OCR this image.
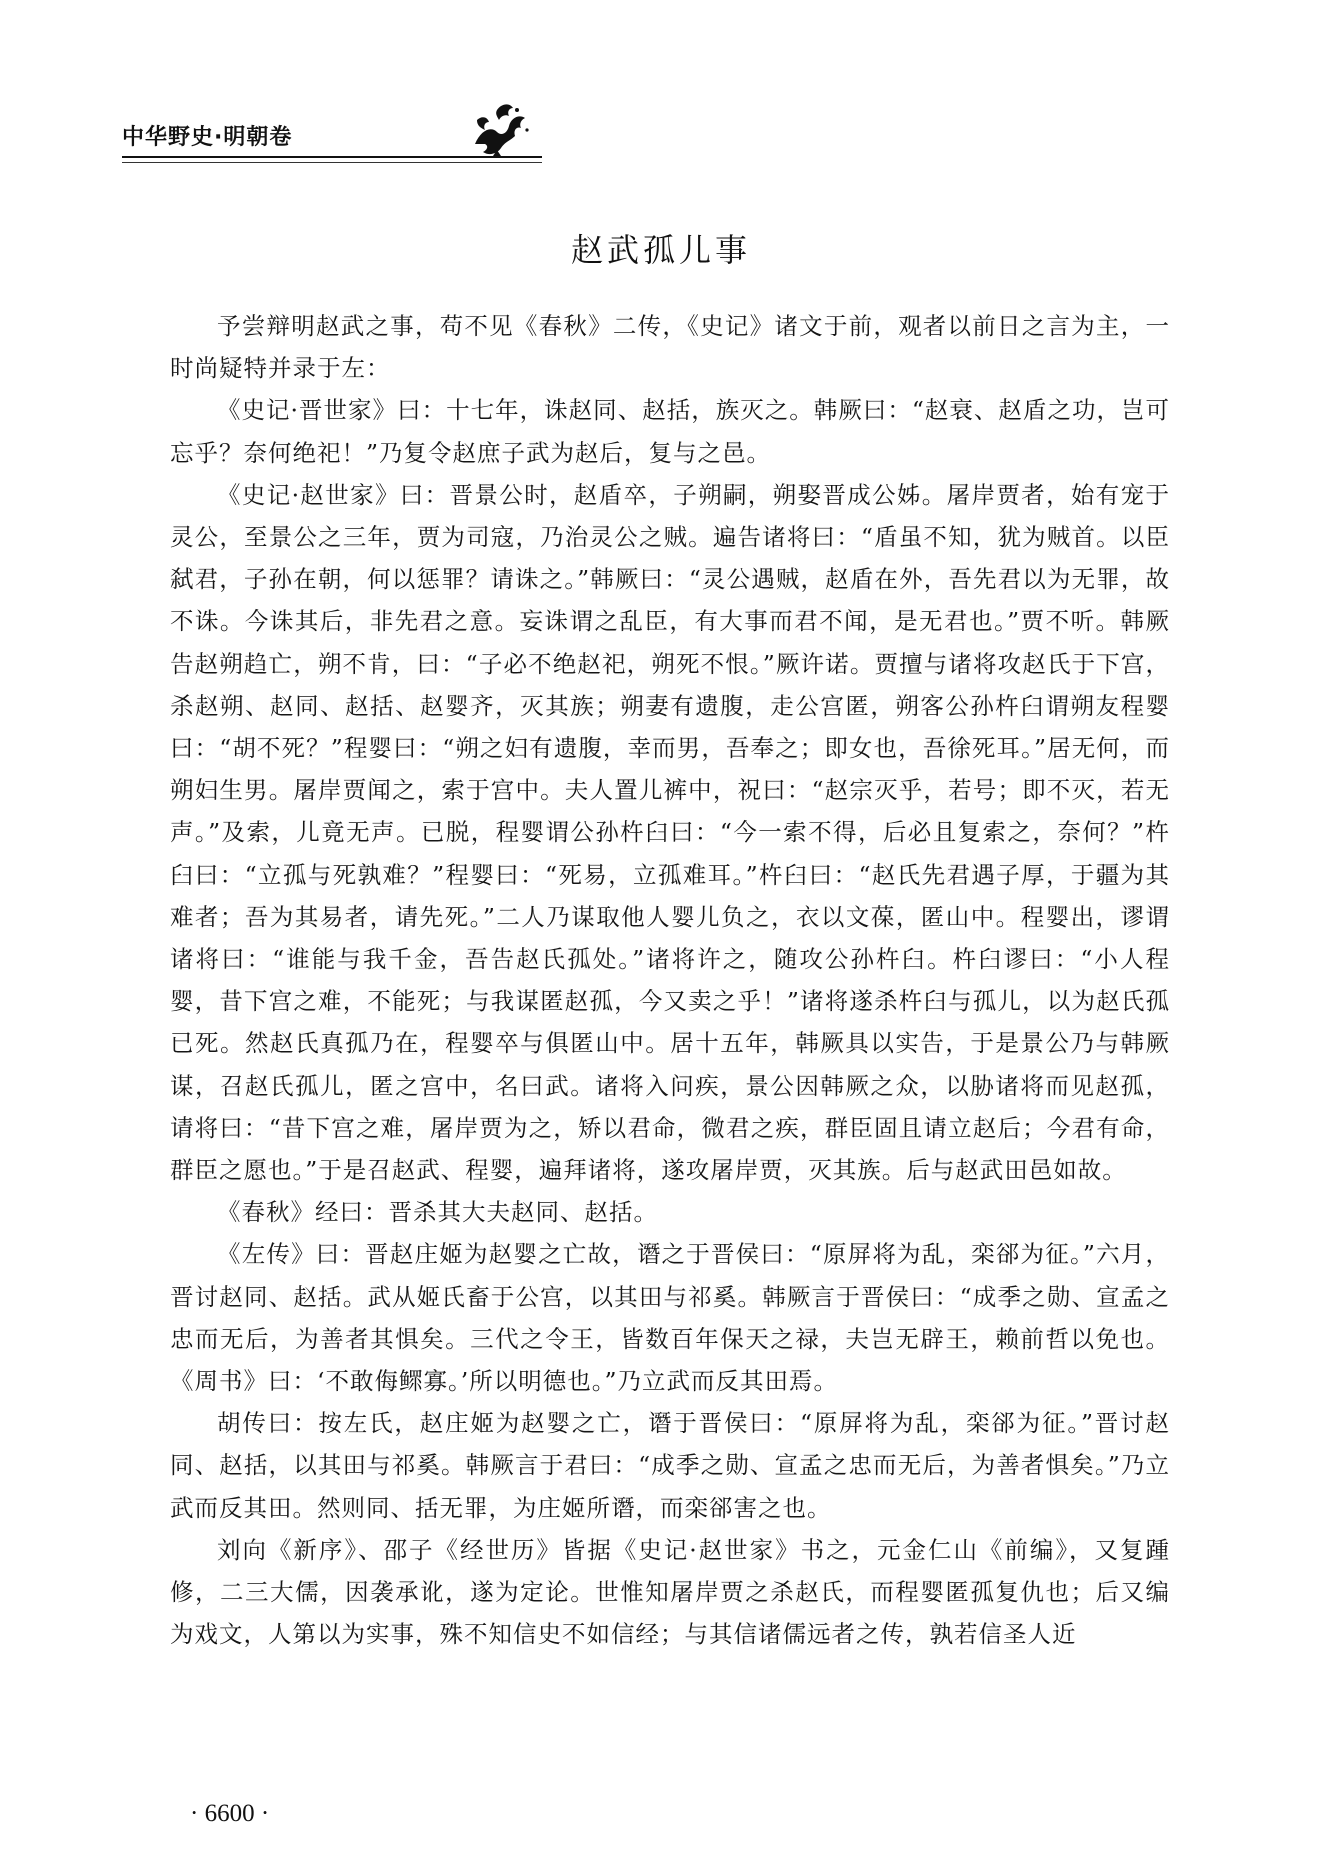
中华野史·明朝卷
赵武孤儿事

予尝辩明赵武之事，苟不见《春秋》二传，《史记》诸文于前，观者以前日之言为主，一时尚疑特并录于左：

《史记·晋世家》曰：十七年，诛赵同、赵括，族灭之。韩厥曰：“赵衰、赵盾之功，岂可忘乎？奈何绝祀！”乃复令赵庶子武为赵后，复与之邑。

《史记·赵世家》曰：晋景公时，赵盾卒，子朔嗣，朔娶晋成公姊。屠岸贾者，始有宠于灵公，至景公之三年，贾为司寇，乃治灵公之贼。遍告诸将曰：“盾虽不知，犹为贼首。以臣弑君，子孙在朝，何以惩罪？请诛之。”韩厥曰：“灵公遇贼，赵盾在外，吾先君以为无罪，故不诛。今诛其后，非先君之意。妄诛谓之乱臣，有大事而君不闻，是无君也。”贾不听。韩厥告赵朔趋亡，朔不肯，曰：“子必不绝赵祀，朔死不恨。”厥许诺。贾擅与诸将攻赵氏于下宫，杀赵朔、赵同、赵括、赵婴齐，灭其族；朔妻有遗腹，走公宫匿，朔客公孙杵臼谓朔友程婴曰：“胡不死？”程婴曰：“朔之妇有遗腹，幸而男，吾奉之；即女也，吾徐死耳。”居无何，而朔妇生男。屠岸贾闻之，索于宫中。夫人置儿裤中，祝曰：“赵宗灭乎，若号；即不灭，若无声。”及索，儿竟无声。已脱，程婴谓公孙杵臼曰：“今一索不得，后必且复索之，奈何？”杵臼曰：“立孤与死孰难？”程婴曰：“死易，立孤难耳。”杵臼曰：“赵氏先君遇子厚，于疆为其难者；吾为其易者，请先死。”二人乃谋取他人婴儿负之，衣以文葆，匿山中。程婴出，谬谓诸将曰：“谁能与我千金，吾告赵氏孤处。”诸将许之，随攻公孙杵臼。杵臼谬曰：“小人程婴，昔下宫之难，不能死；与我谋匿赵孤，今又卖之乎！”诸将遂杀杵臼与孤儿，以为赵氏孤已死。然赵氏真孤乃在，程婴卒与俱匿山中。居十五年，韩厥具以实告，于是景公乃与韩厥谋，召赵氏孤儿，匿之宫中，名曰武。诸将入问疾，景公因韩厥之众，以胁诸将而见赵孤，请将曰：“昔下宫之难，屠岸贾为之，矫以君命，微君之疾，群臣固且请立赵后；今君有命，群臣之愿也。”于是召赵武、程婴，遍拜诸将，遂攻屠岸贾，灭其族。后与赵武田邑如故。

《春秋》经曰：晋杀其大夫赵同、赵括。

《左传》曰：晋赵庄姬为赵婴之亡故，谮之于晋侯曰：“原屏将为乱，栾郤为征。”六月，晋讨赵同、赵括。武从姬氏畜于公宫，以其田与祁奚。韩厥言于晋侯曰：“成季之勋、宣孟之忠而无后，为善者其惧矣。三代之令王，皆数百年保天之禄，夫岂无辟王，赖前哲以免也。《周书》曰：‘不敢侮鳏寡。’所以明德也。”乃立武而反其田焉。

胡传曰：按左氏，赵庄姬为赵婴之亡，谮于晋侯曰：“原屏将为乱，栾郤为征。”晋讨赵同、赵括，以其田与祁奚。韩厥言于君曰：“成季之勋、宣孟之忠而无后，为善者惧矣。”乃立武而反其田。然则同、括无罪，为庄姬所谮，而栾郤害之也。

刘向《新序》、邵子《经世历》皆据《史记·赵世家》书之，元金仁山《前编》，又复踵修，二三大儒，因袭承讹，遂为定论。世惟知屠岸贾之杀赵氏，而程婴匿孤复仇也；后又编为戏文，人第以为实事，殊不知信史不如信经；与其信诸儒远者之传，孰若信圣人近

· 6600 ·
